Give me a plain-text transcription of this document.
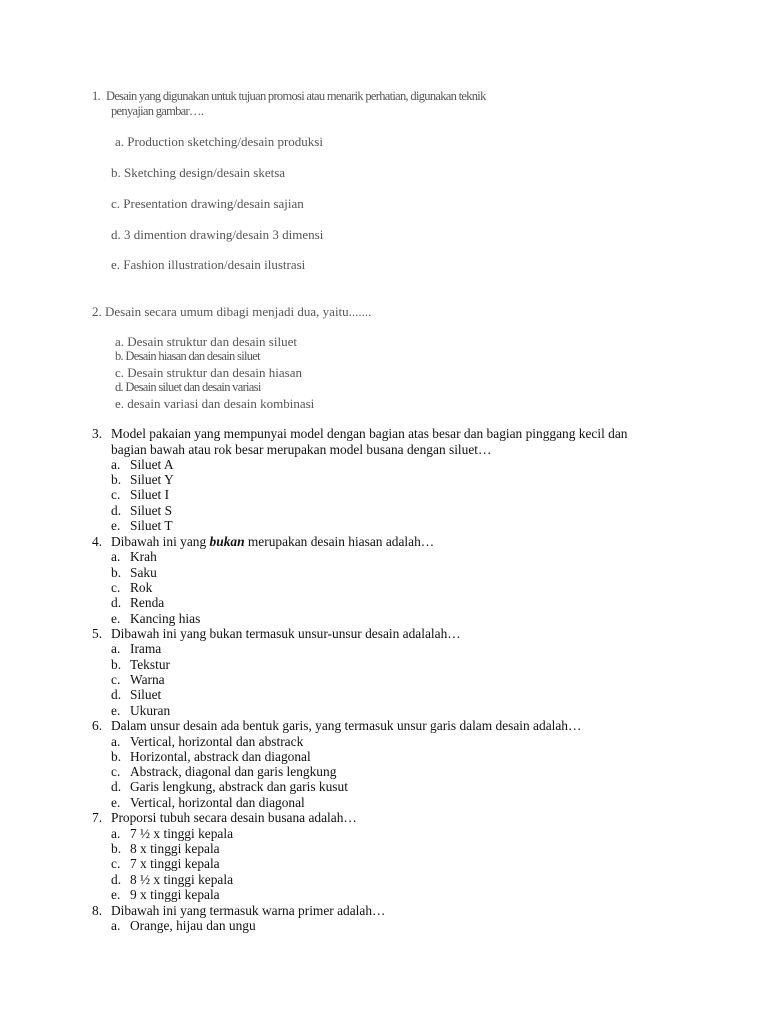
1. Desain yang digunakan untuk tujuan promosi atau menarik perhatian, digunakan teknik
penyajian gambar….
a. Production sketching/desain produksi
b. Sketching design/desain sketsa
c. Presentation drawing/desain sajian
d. 3 dimention drawing/desain 3 dimensi
e. Fashion illustration/desain ilustrasi
2. Desain secara umum dibagi menjadi dua, yaitu.......
a. Desain struktur dan desain siluet
b. Desain hiasan dan desain siluet
c. Desain struktur dan desain hiasan
d. Desain siluet dan desain variasi
e. desain variasi dan desain kombinasi
3. Model pakaian yang mempunyai model dengan bagian atas besar dan bagian pinggang kecil dan
bagian bawah atau rok besar merupakan model busana dengan siluet…
a. Siluet A
b. Siluet Y
c. Siluet I
d. Siluet S
e. Siluet T
4. Dibawah ini yang bukan merupakan desain hiasan adalah…
a. Krah
b. Saku
c. Rok
d. Renda
e. Kancing hias
5. Dibawah ini yang bukan termasuk unsur-unsur desain adalalah…
a. Irama
b. Tekstur
c. Warna
d. Siluet
e. Ukuran
6. Dalam unsur desain ada bentuk garis, yang termasuk unsur garis dalam desain adalah…
a. Vertical, horizontal dan abstrack
b. Horizontal, abstrack dan diagonal
c. Abstrack, diagonal dan garis lengkung
d. Garis lengkung, abstrack dan garis kusut
e. Vertical, horizontal dan diagonal
7. Proporsi tubuh secara desain busana adalah…
a. 7 ½ x tinggi kepala
b. 8 x tinggi kepala
c. 7 x tinggi kepala
d. 8 ½ x tinggi kepala
e. 9 x tinggi kepala
8. Dibawah ini yang termasuk warna primer adalah…
a. Orange, hijau dan ungu
